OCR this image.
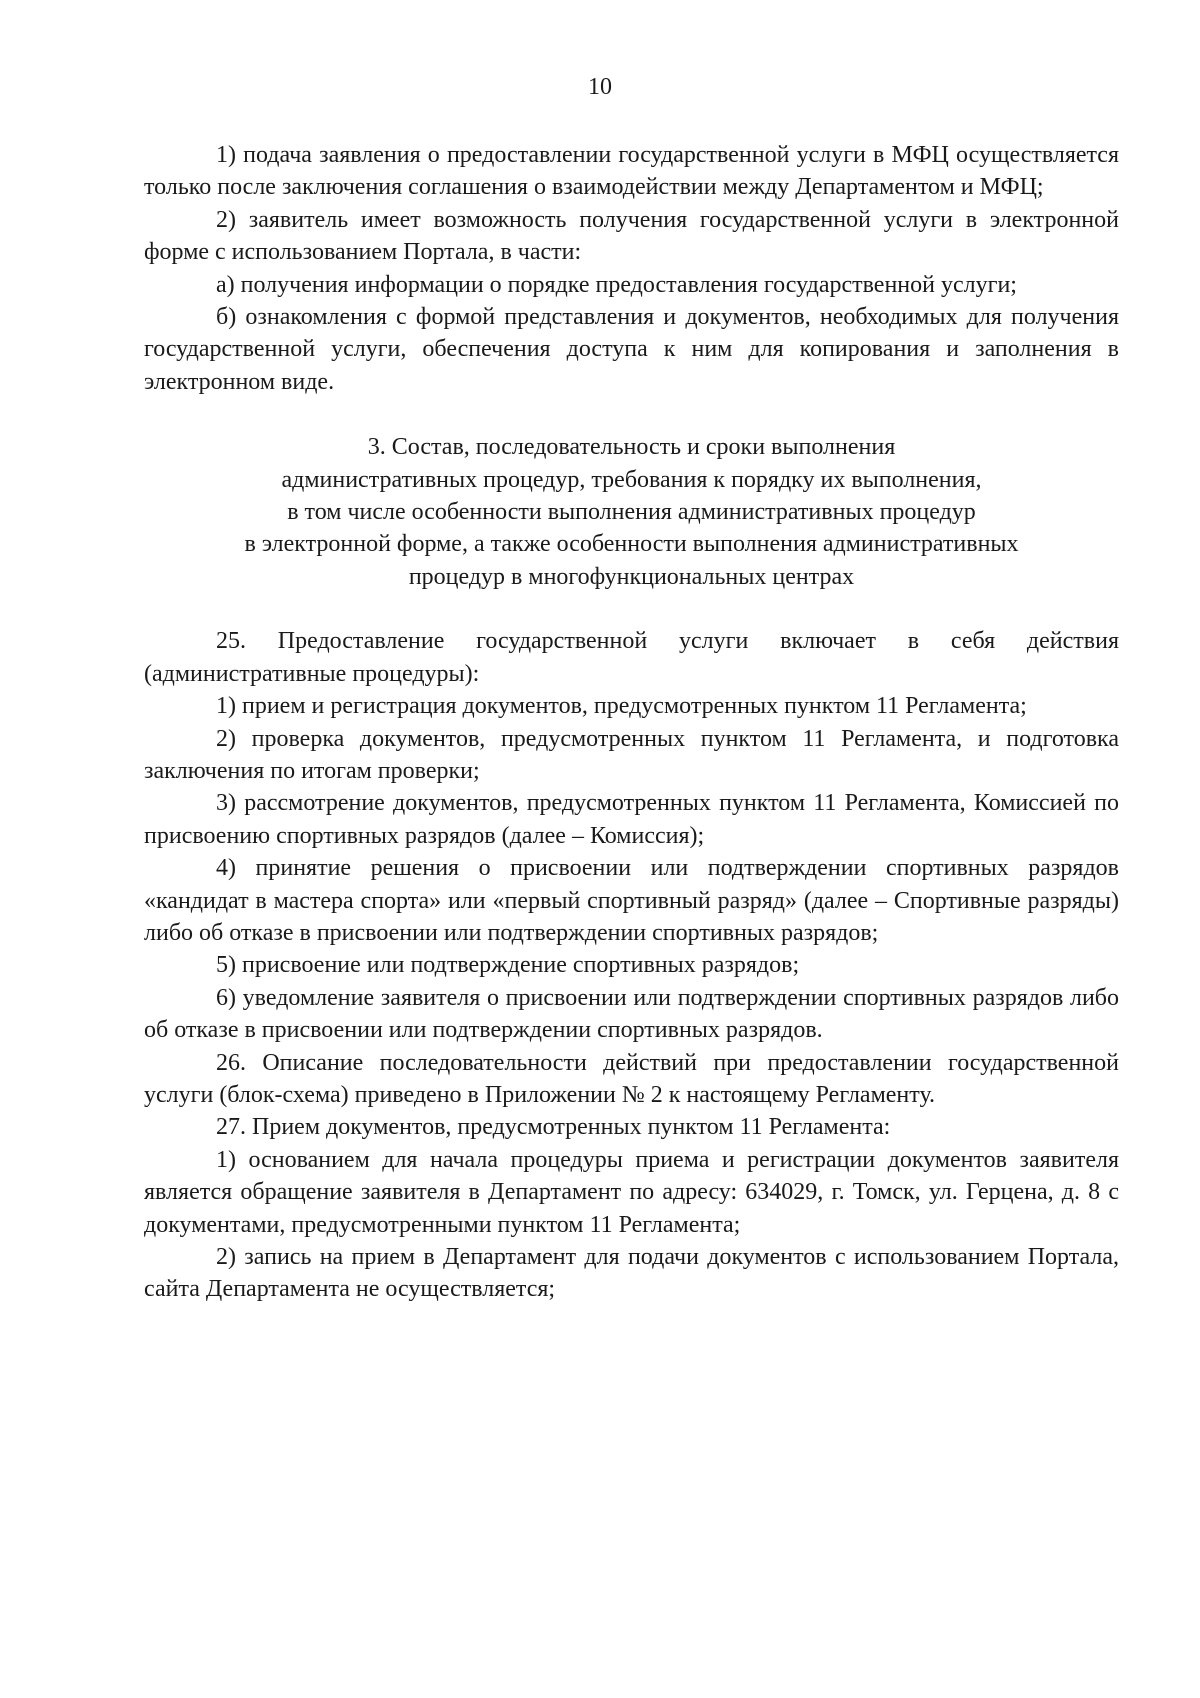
10

1) подача заявления о предоставлении государственной услуги в МФЦ осуществляется только после заключения соглашения о взаимодействии между Департаментом и МФЦ;

2) заявитель имеет возможность получения государственной услуги в электронной форме с использованием Портала, в части:

а) получения информации о порядке предоставления государственной услуги;

б) ознакомления с формой представления и документов, необходимых для получения государственной услуги, обеспечения доступа к ним для копирования и заполнения в электронном виде.

3. Состав, последовательность и сроки выполнения
административных процедур, требования к порядку их выполнения,
в том числе особенности выполнения административных процедур
в электронной форме, а также особенности выполнения административных
процедур в многофункциональных центрах

25. Предоставление государственной услуги включает в себя действия (административные процедуры):

1) прием и регистрация документов, предусмотренных пунктом 11 Регламента;

2) проверка документов, предусмотренных пунктом 11 Регламента, и подготовка заключения по итогам проверки;

3) рассмотрение документов, предусмотренных пунктом 11 Регламента, Комиссией по присвоению спортивных разрядов (далее – Комиссия);

4) принятие решения о присвоении или подтверждении спортивных разрядов «кандидат в мастера спорта» или «первый спортивный разряд» (далее – Спортивные разряды) либо об отказе в присвоении или подтверждении спортивных разрядов;

5) присвоение или подтверждение спортивных разрядов;

6) уведомление заявителя о присвоении или подтверждении спортивных разрядов либо об отказе в присвоении или подтверждении спортивных разрядов.

26. Описание последовательности действий при предоставлении государственной услуги (блок-схема) приведено в Приложении № 2 к настоящему Регламенту.

27. Прием документов, предусмотренных пунктом 11 Регламента:

1) основанием для начала процедуры приема и регистрации документов заявителя является обращение заявителя в Департамент по адресу: 634029, г. Томск, ул. Герцена, д. 8 с документами, предусмотренными пунктом 11 Регламента;

2) запись на прием в Департамент для подачи документов с использованием Портала, сайта Департамента не осуществляется;
